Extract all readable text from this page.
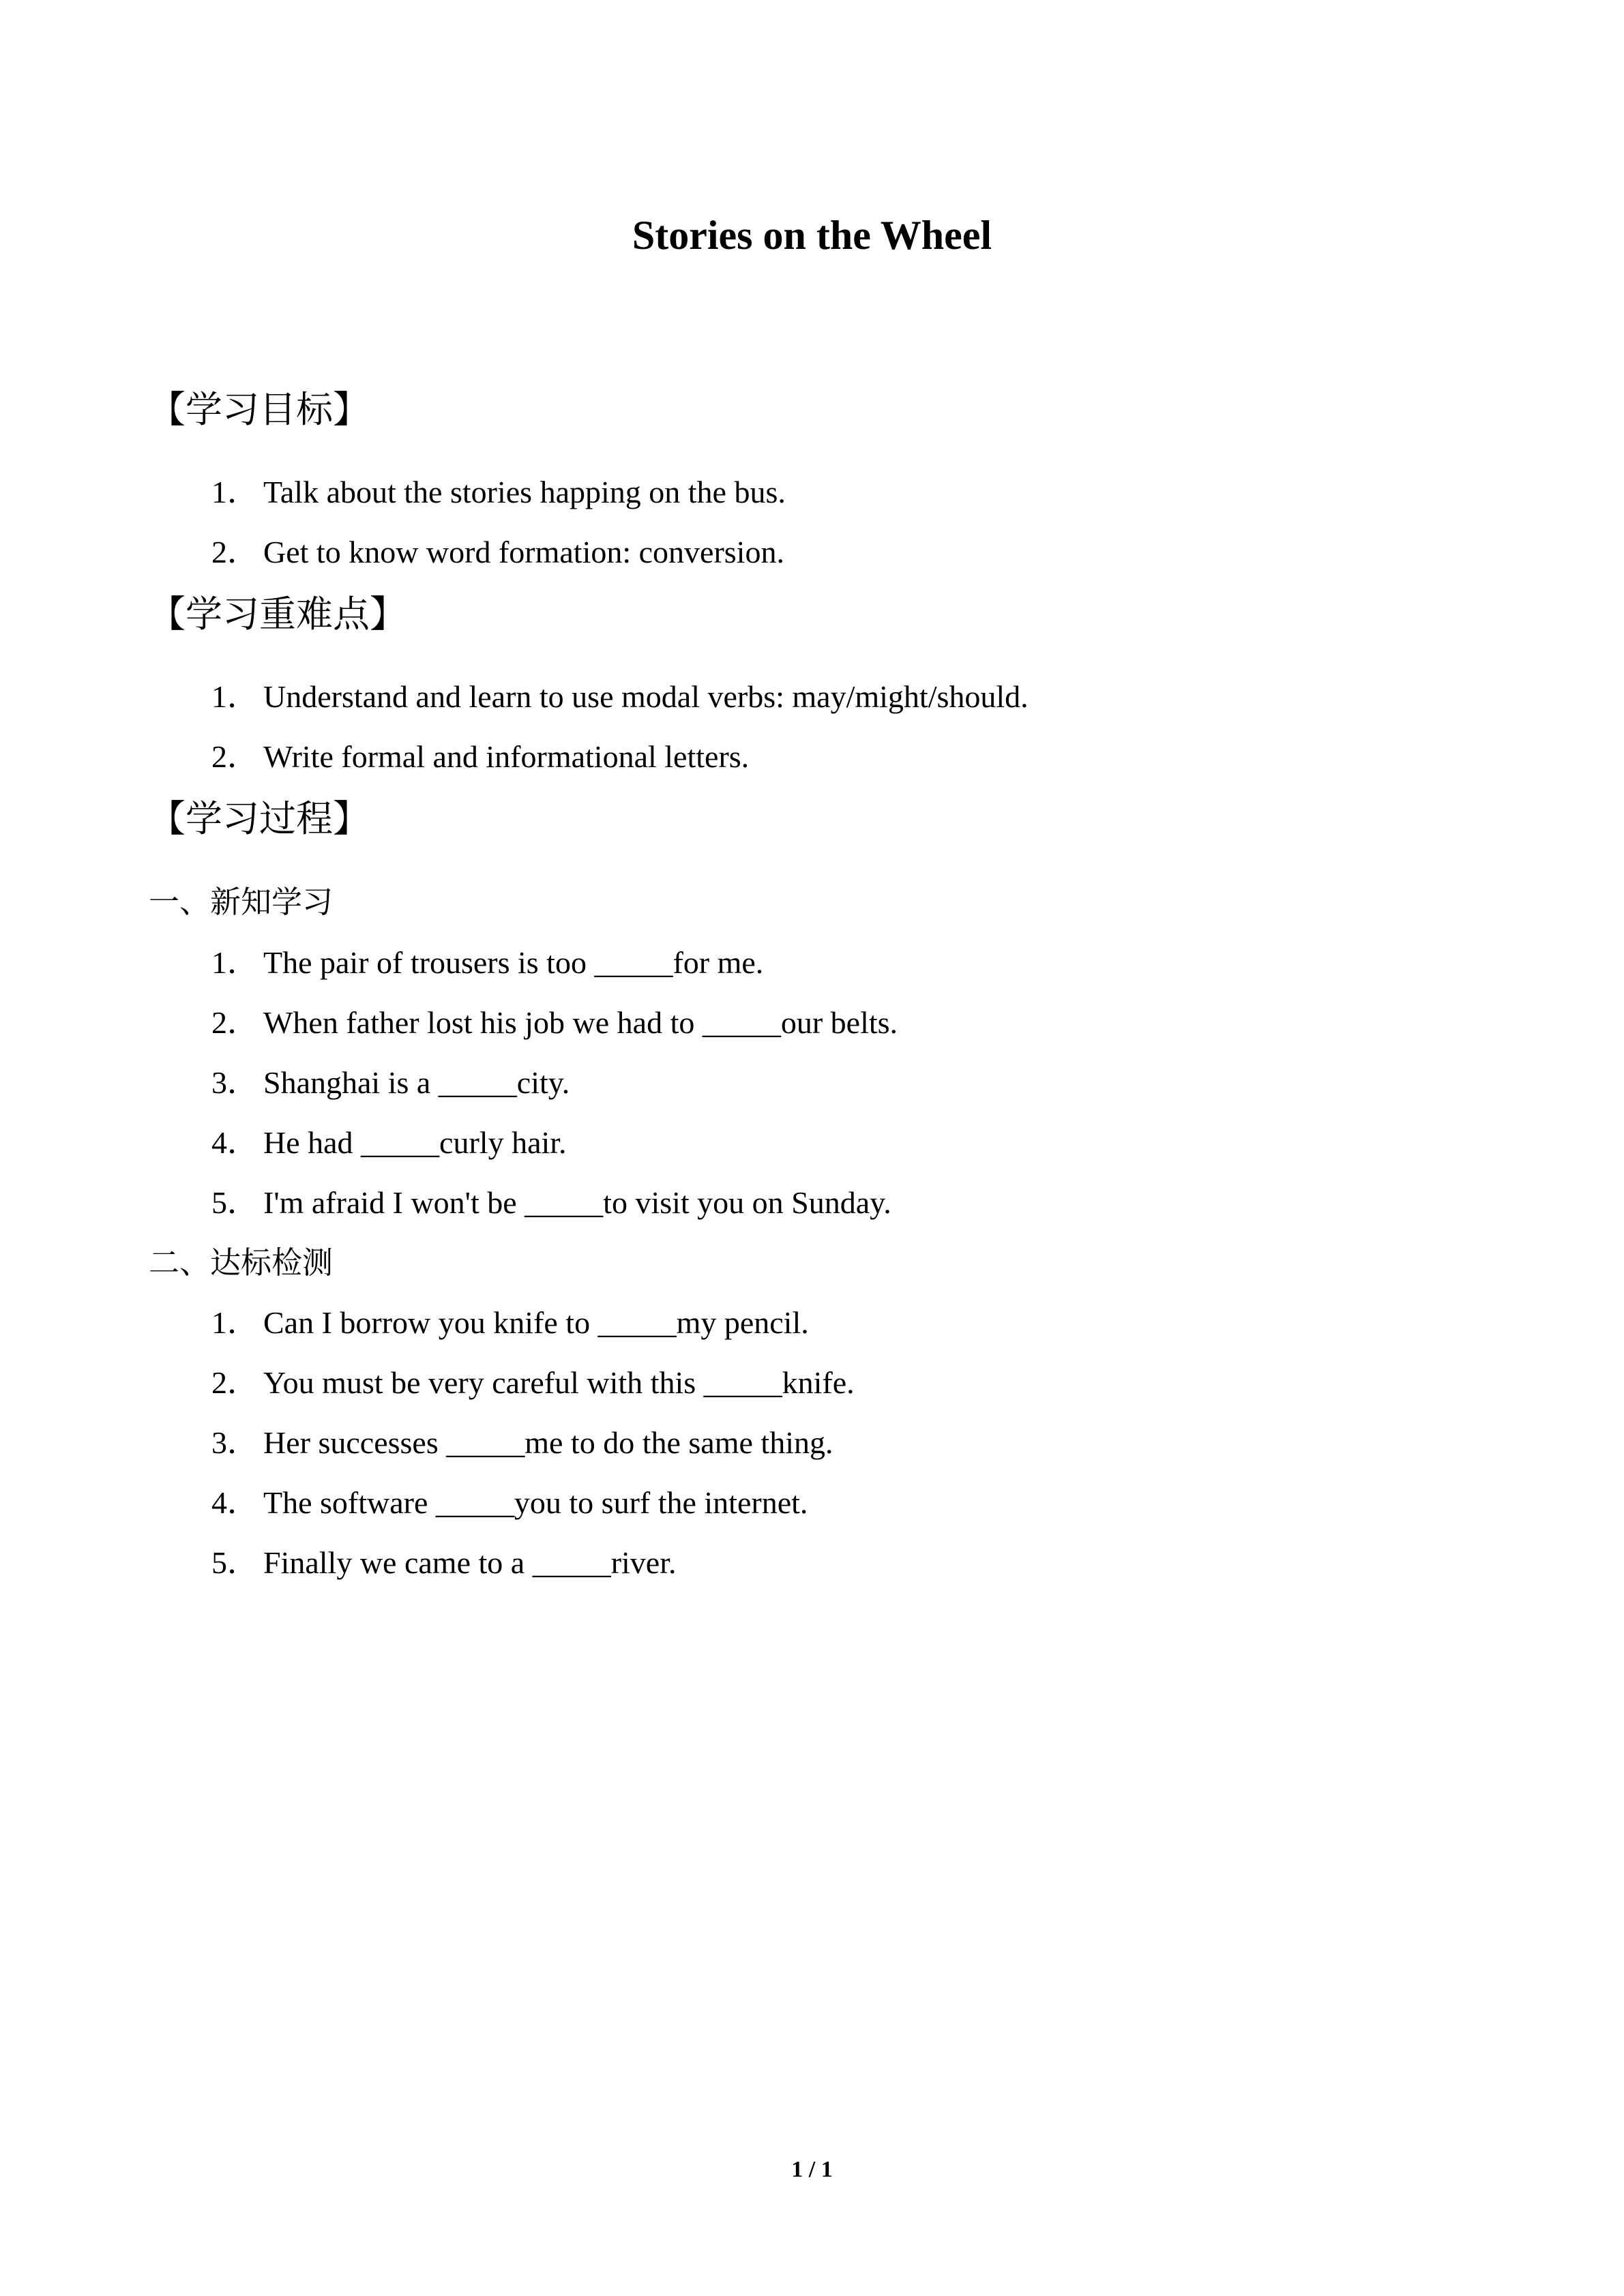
Stories on the Wheel
【学习目标】
1． Talk about the stories happing on the bus.
2． Get to know word formation: conversion.
【学习重难点】
1． Understand and learn to use modal verbs: may/might/should.
2． Write formal and informational letters.
【学习过程】
一、新知学习
1． The pair of trousers is too _____for me.
2． When father lost his job we had to _____our belts.
3． Shanghai is a _____city.
4． He had _____curly hair.
5． I'm afraid I won't be _____to visit you on Sunday.
二、达标检测
1． Can I borrow you knife to _____my pencil.
2． You must be very careful with this _____knife.
3． Her successes _____me to do the same thing.
4． The software _____you to surf the internet.
5． Finally we came to a _____river.
1 / 1
